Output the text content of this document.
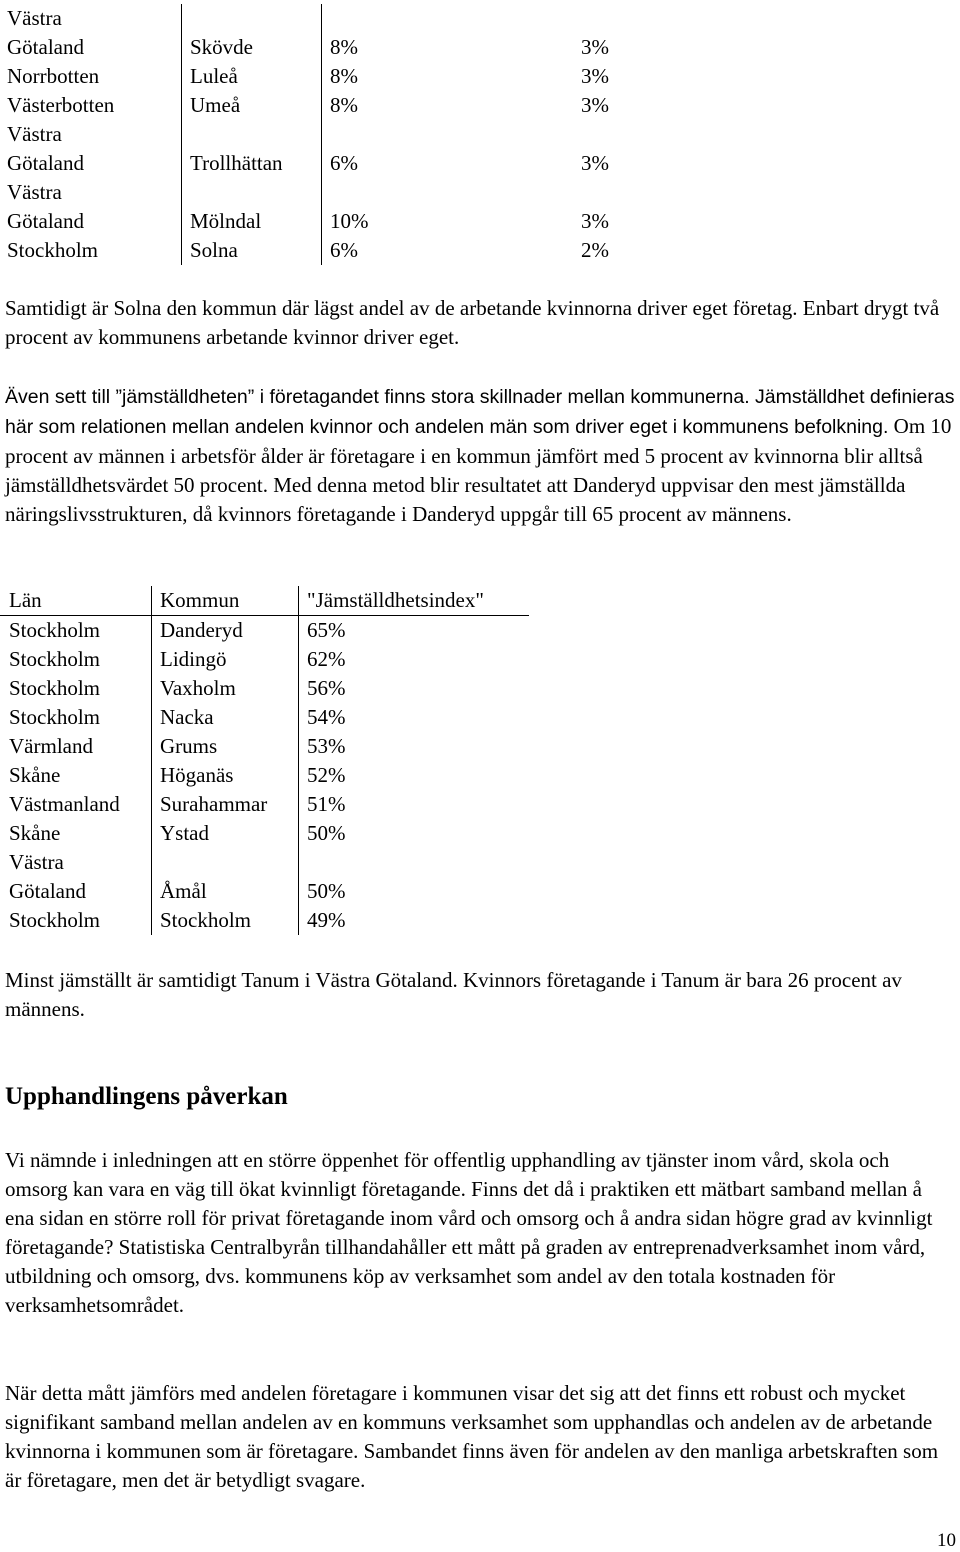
Västra
Götaland	Skövde	8%	3%

Norrbotten	Luleå	8%	3%

Västerbotten	Umeå	8%	3%

Västra
Götaland	Trollhättan	6%	3%

Västra
Götaland	Mölndal	10%	3%

Stockholm	Solna	6%	2%

Samtidigt är Solna den kommun där lägst andel av de arbetande kvinnorna driver eget företag. Enbart drygt två procent av kommunens arbetande kvinnor driver eget.

Även sett till ”jämställdheten” i företagandet finns stora skillnader mellan kommunerna. Jämställdhet definieras här som relationen mellan andelen kvinnor och andelen män som driver eget i kommunens befolkning. Om 10 procent av männen i arbetsför ålder är företagare i en kommun jämfört med 5 procent av kvinnorna blir alltså jämställdhetsvärdet 50 procent. Med denna metod blir resultatet att Danderyd uppvisar den mest jämställda näringslivsstrukturen, då kvinnors företagande i Danderyd uppgår till 65 procent av männens.

Län	Kommun	"Jämställdhetsindex"

Stockholm	Danderyd	65%

Stockholm	Lidingö	62%

Stockholm	Vaxholm	56%

Stockholm	Nacka	54%

Värmland	Grums	53%

Skåne	Höganäs	52%

Västmanland	Surahammar	51%

Skåne	Ystad	50%

Västra
Götaland	Åmål	50%

Stockholm	Stockholm	49%

Minst jämställt är samtidigt Tanum i Västra Götaland. Kvinnors företagande i Tanum är bara 26 procent av männens.

Upphandlingens påverkan

Vi nämnde i inledningen att en större öppenhet för offentlig upphandling av tjänster inom vård, skola och omsorg kan vara en väg till ökat kvinnligt företagande. Finns det då i praktiken ett mätbart samband mellan å ena sidan en större roll för privat företagande inom vård och omsorg och å andra sidan högre grad av kvinnligt företagande? Statistiska Centralbyrån tillhandahåller ett mått på graden av entreprenadverksamhet inom vård, utbildning och omsorg, dvs. kommunens köp av verksamhet som andel av den totala kostnaden för verksamhetsområdet.

När detta mått jämförs med andelen företagare i kommunen visar det sig att det finns ett robust och mycket signifikant samband mellan andelen av en kommuns verksamhet som upphandlas och andelen av de arbetande kvinnorna i kommunen som är företagare. Sambandet finns även för andelen av den manliga arbetskraften som är företagare, men det är betydligt svagare.

10
